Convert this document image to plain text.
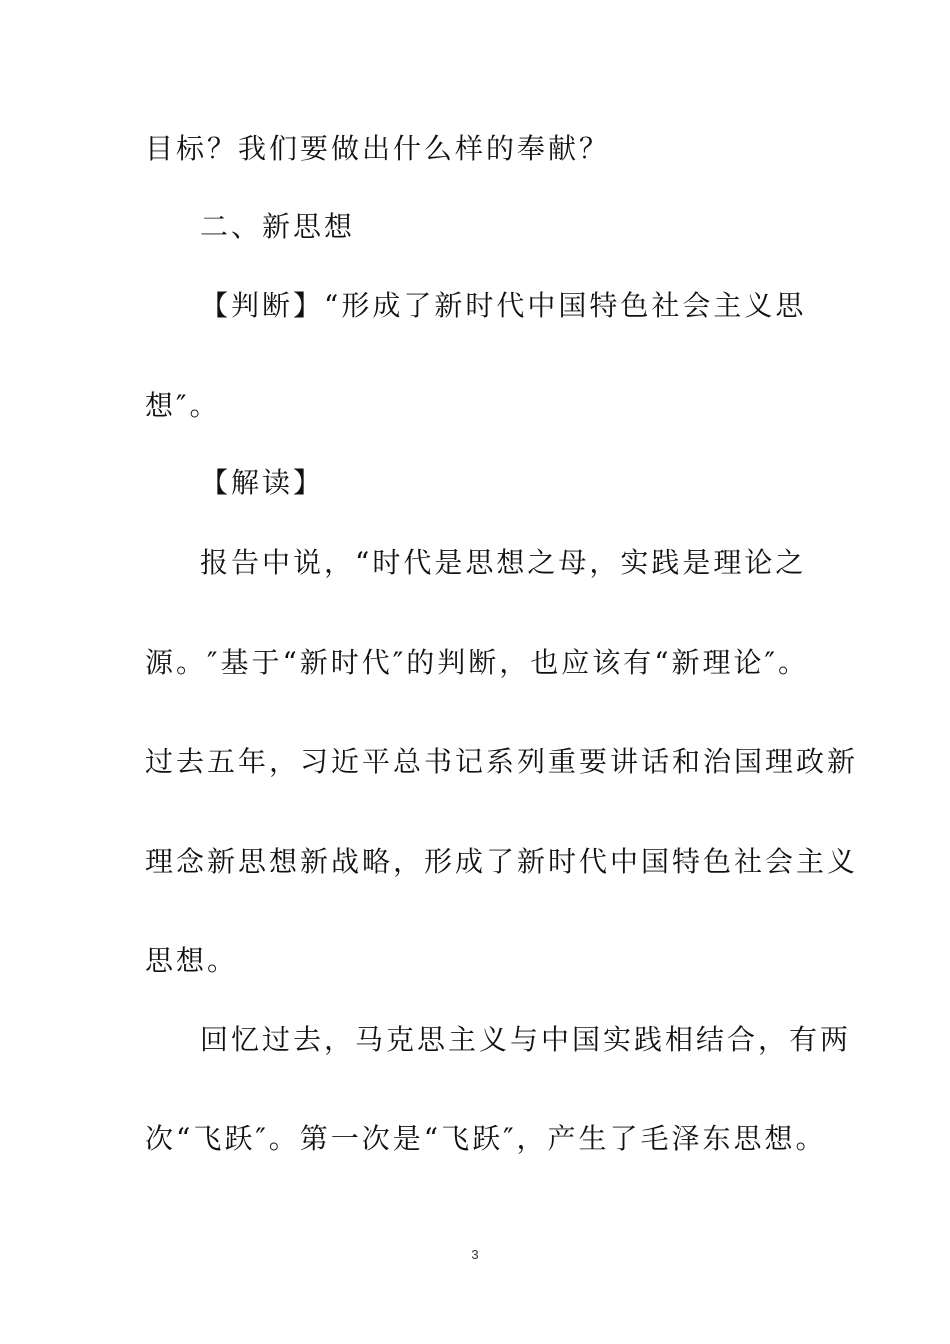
目标？我们要做出什么样的奉献？
二、新思想
【判断】“形成了新时代中国特色社会主义思
想″。
【解读】
报告中说，“时代是思想之母，实践是理论之
源。″基于“新时代″的判断，也应该有“新理论″。
过去五年，习近平总书记系列重要讲话和治国理政新
理念新思想新战略，形成了新时代中国特色社会主义
思想。
回忆过去，马克思主义与中国实践相结合，有两
次“飞跃″。第一次是“飞跃″，产生了毛泽东思想。
3
